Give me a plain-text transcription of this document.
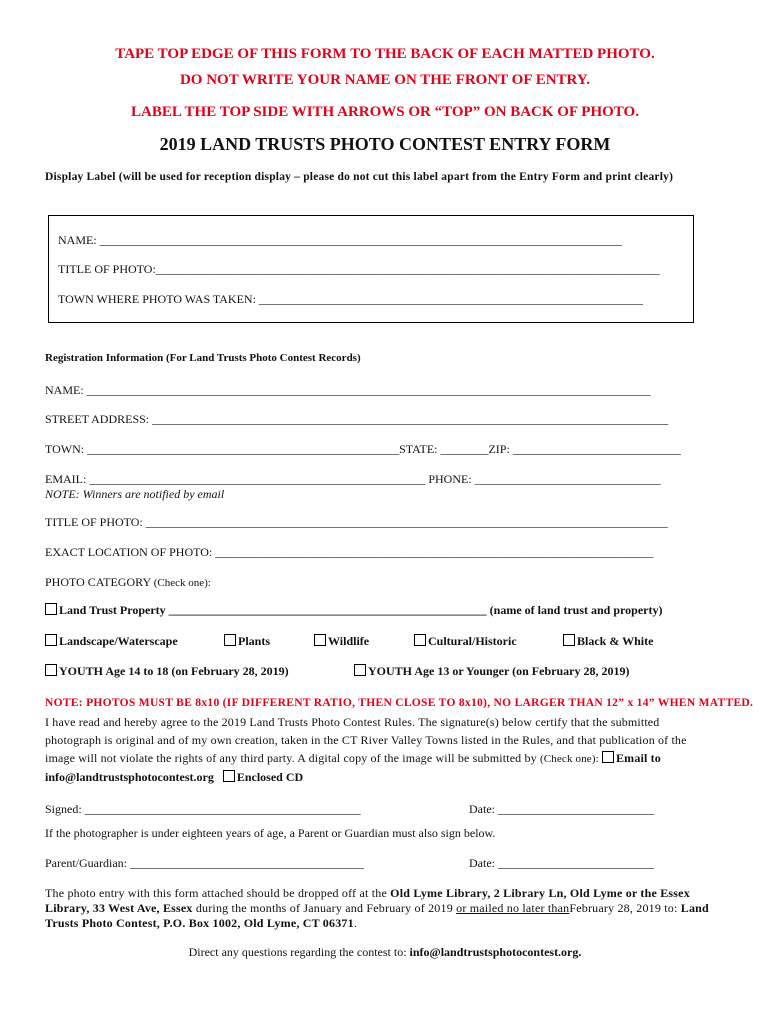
TAPE TOP EDGE OF THIS FORM TO THE BACK OF EACH MATTED PHOTO.
DO NOT WRITE YOUR NAME ON THE FRONT OF ENTRY.
LABEL THE TOP SIDE WITH ARROWS OR “TOP” ON BACK OF PHOTO.
2019 LAND TRUSTS PHOTO CONTEST ENTRY FORM
Display Label (will be used for reception display – please do not cut this label apart from the Entry Form and print clearly)
NAME: _______________________________________________________________________________________
TITLE OF PHOTO:____________________________________________________________________________________
TOWN WHERE PHOTO WAS TAKEN: ________________________________________________________________
Registration Information (For Land Trusts Photo Contest Records)
NAME: ______________________________________________________________________________________________
STREET ADDRESS: ______________________________________________________________________________________
TOWN: ____________________________________________________STATE: ________ZIP: ____________________________
EMAIL: ________________________________________________________ PHONE: _______________________________
NOTE: Winners are notified by email
TITLE OF PHOTO: _______________________________________________________________________________________
EXACT LOCATION OF PHOTO: _________________________________________________________________________
PHOTO CATEGORY (Check one):
Land Trust Property _____________________________________________________ (name of land trust and property)
Landscape/Waterscape	Plants	Wildlife	Cultural/Historic	Black & White
YOUTH Age 14 to 18 (on February 28, 2019)	YOUTH Age 13 or Younger (on February 28, 2019)
NOTE: PHOTOS MUST BE 8x10 (IF DIFFERENT RATIO, THEN CLOSE TO 8x10), NO LARGER THAN 12” x 14” WHEN MATTED.
I have read and hereby agree to the 2019 Land Trusts Photo Contest Rules. The signature(s) below certify that the submitted
photograph is original and of my own creation, taken in the CT River Valley Towns listed in the Rules, and that publication of the
image will not violate the rights of any third party. A digital copy of the image will be submitted by (Check one): Email to
info@landtrustsphotocontest.org Enclosed CD
Signed: ______________________________________________	Date: __________________________
If the photographer is under eighteen years of age, a Parent or Guardian must also sign below.
Parent/Guardian: _______________________________________	Date: __________________________
The photo entry with this form attached should be dropped off at the Old Lyme Library, 2 Library Ln, Old Lyme or the Essex
Library, 33 West Ave, Essex during the months of January and February of 2019 or mailed no later thanFebruary 28, 2019 to: Land
Trusts Photo Contest, P.O. Box 1002, Old Lyme, CT 06371.
Direct any questions regarding the contest to: info@landtrustsphotocontest.org.
